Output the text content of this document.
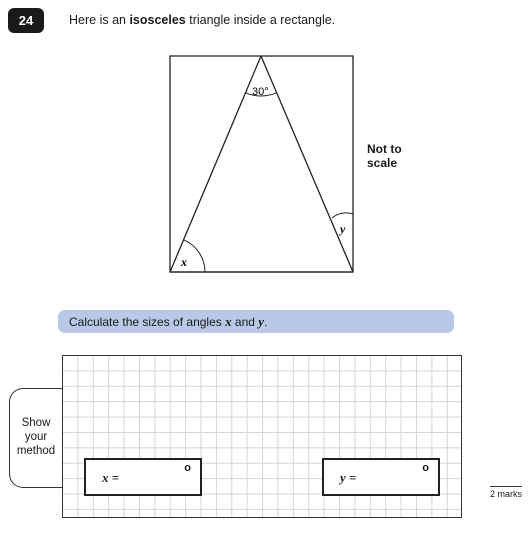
24	Here is an isosceles triangle inside a rectangle.
30°
x
y
Not to
scale
Calculate the sizes of angles x and y.
Show
your
method
x =
o
y =
o
2 marks
